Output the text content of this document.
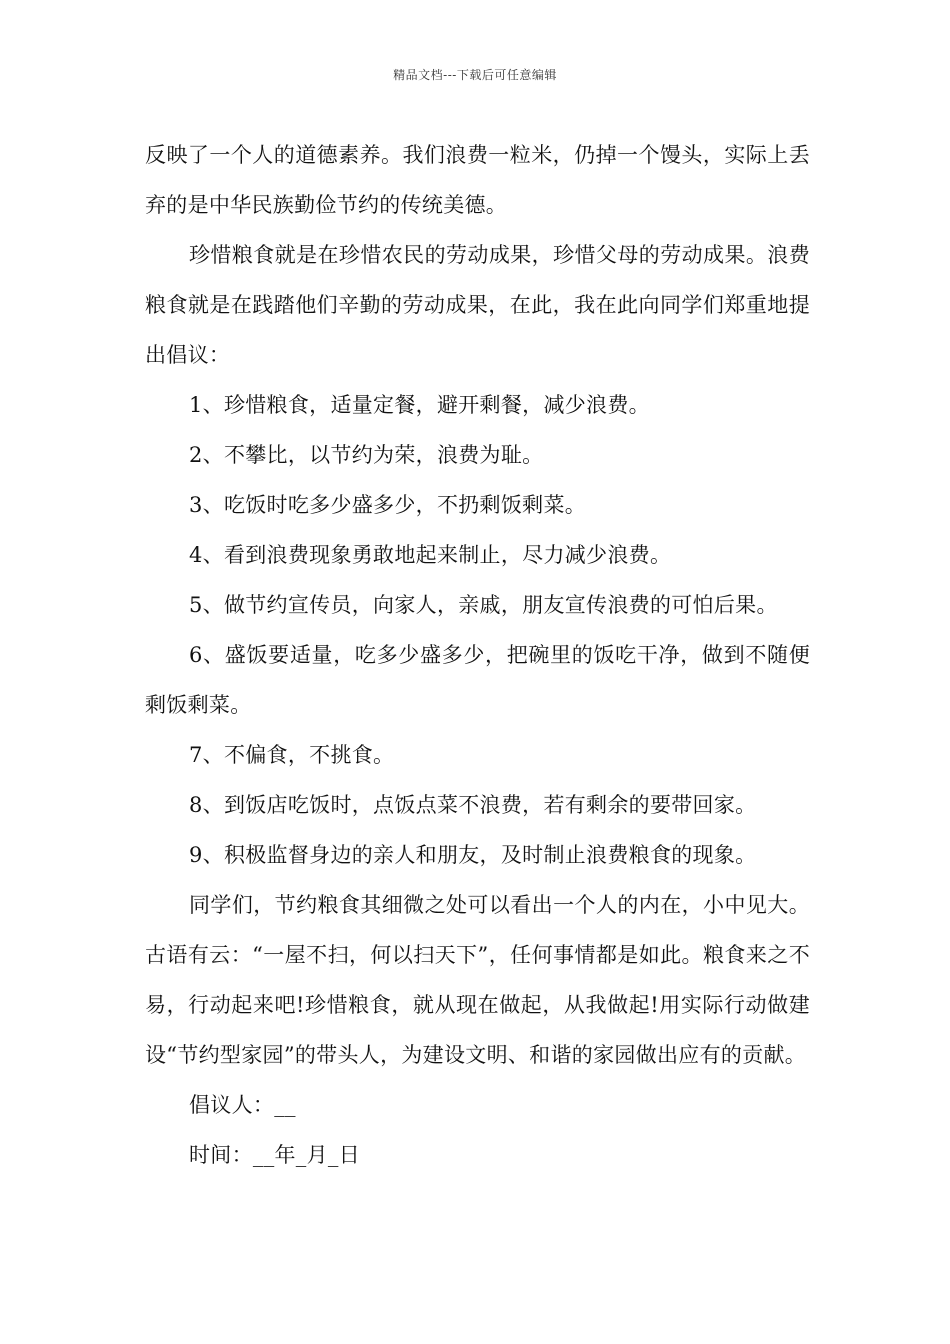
精品文档---下载后可任意编辑

反映了一个人的道德素养。我们浪费一粒米，仍掉一个馒头，实际上丢弃的是中华民族勤俭节约的传统美德。

珍惜粮食就是在珍惜农民的劳动成果，珍惜父母的劳动成果。浪费粮食就是在践踏他们辛勤的劳动成果，在此，我在此向同学们郑重地提出倡议：

1、珍惜粮食，适量定餐，避开剩餐，减少浪费。

2、不攀比，以节约为荣，浪费为耻。

3、吃饭时吃多少盛多少，不扔剩饭剩菜。

4、看到浪费现象勇敢地起来制止，尽力减少浪费。

5、做节约宣传员，向家人，亲戚，朋友宣传浪费的可怕后果。

6、盛饭要适量，吃多少盛多少，把碗里的饭吃干净，做到不随便剩饭剩菜。

7、不偏食，不挑食。

8、到饭店吃饭时，点饭点菜不浪费，若有剩余的要带回家。

9、积极监督身边的亲人和朋友，及时制止浪费粮食的现象。

同学们，节约粮食其细微之处可以看出一个人的内在，小中见大。古语有云：“一屋不扫，何以扫天下”，任何事情都是如此。粮食来之不易，行动起来吧!珍惜粮食，就从现在做起，从我做起!用实际行动做建设“节约型家园”的带头人，为建设文明、和谐的家园做出应有的贡献。

倡议人：__

时间：__年_月_日
